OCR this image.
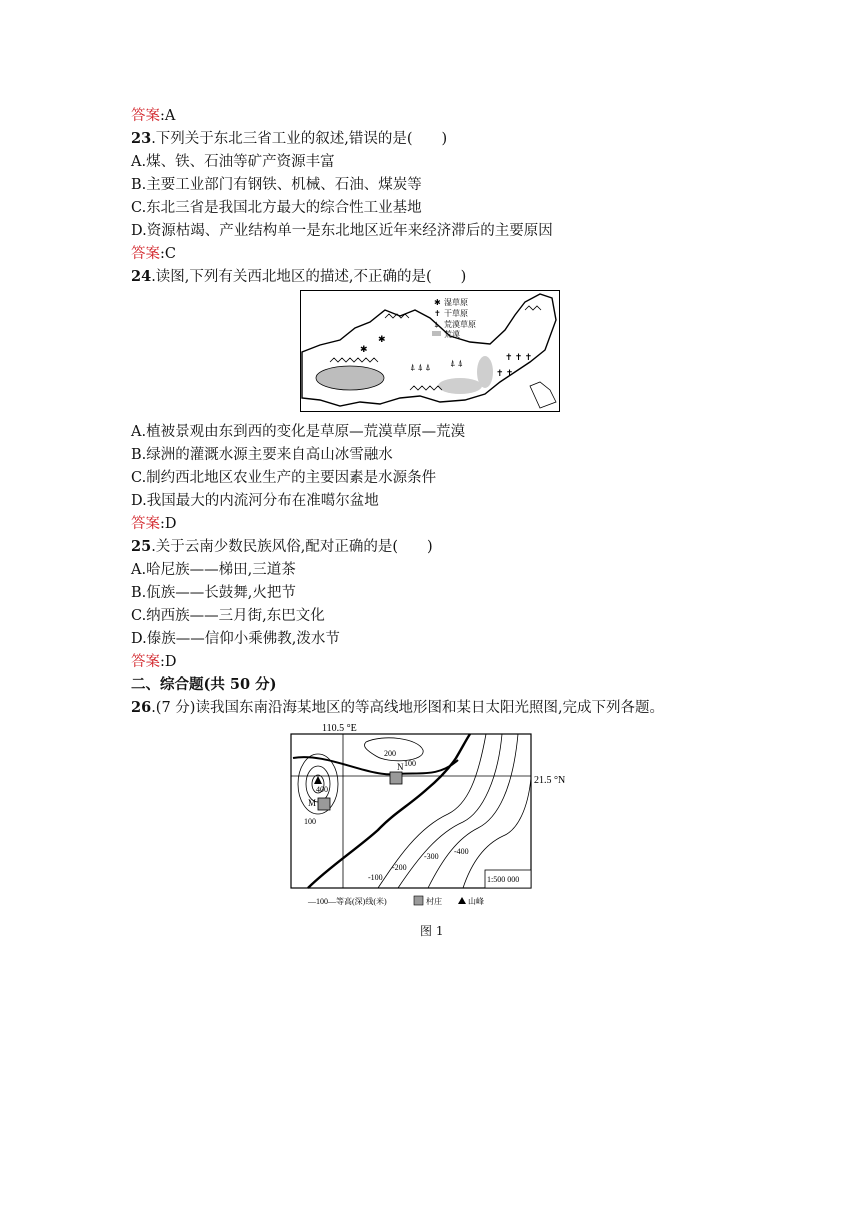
答案:A
23.下列关于东北三省工业的叙述,错误的是(　　)
A.煤、铁、石油等矿产资源丰富
B.主要工业部门有钢铁、机械、石油、煤炭等
C.东北三省是我国北方最大的综合性工业基地
D.资源枯竭、产业结构单一是东北地区近年来经济滞后的主要原因
答案:C
24.读图,下列有关西北地区的描述,不正确的是(　　)
✝ ✝ ✝
✝ ✝
⍋ ⍋ ⍋ ⍋ ⍋
✱
✱
✱ 湿草原
✝ 干草原
⍋ 荒漠草原
荒漠
A.植被景观由东到西的变化是草原—荒漠草原—荒漠
B.绿洲的灌溉水源主要来自高山冰雪融水
C.制约西北地区农业生产的主要因素是水源条件
D.我国最大的内流河分布在准噶尔盆地
答案:D
25.关于云南少数民族风俗,配对正确的是(　　)
A.哈尼族——梯田,三道茶
B.佤族——长鼓舞,火把节
C.纳西族——三月街,东巴文化
D.傣族——信仰小乘佛教,泼水节
答案:D
二、综合题(共 50 分)
26.(7 分)读我国东南沿海某地区的等高线地形图和某日太阳光照图,完成下列各题。
110.5 °E
21.5 °N
N
M
200
100
400
100
-100
-200
-300
-400
1:500 000
—100—等高(深)线(米)	村庄	山峰
图 1
